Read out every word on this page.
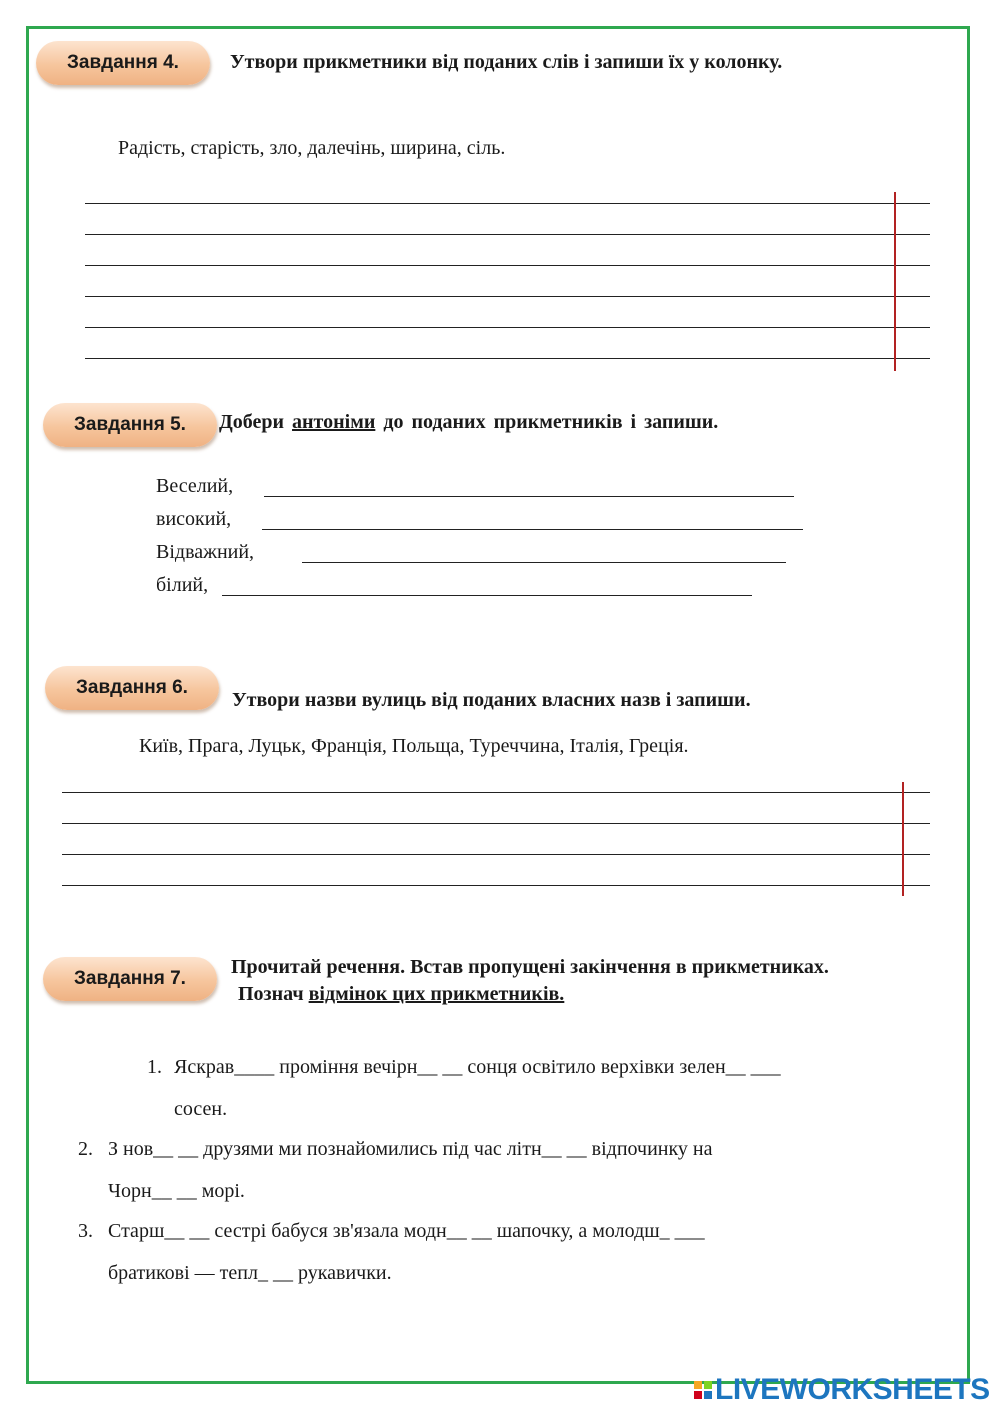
Завдання 4.	Утвори прикметники від поданих слів і запиши їх у колонку.
Радість, старість, зло, далечінь, ширина, сіль.
Завдання 5. Добери антоніми до поданих прикметників і запиши.
Веселий,
високий,
Відважний,
білий,
Завдання 6.
Утвори назви вулиць від поданих власних назв і запиши.
Київ, Прага, Луцьк, Франція, Польща, Туреччина, Італія, Греція.
Завдання 7.
Прочитай речення. Встав пропущені закінчення в прикметниках.
Познач відмінок цих прикметників.
1. Яскрав____ проміння вечірн__ __ сонця освітило верхівки зелен__ ___
сосен.
2. З нов__ __ друзями ми познайомились під час літн__ __ відпочинку на
Чорн__ __ морі.
3. Старш__ __ сестрі бабуся зв'язала модн__ __ шапочку, а молодш_ ___
братикові — тепл_ __ рукавички.
LIVEWORKSHEETS
